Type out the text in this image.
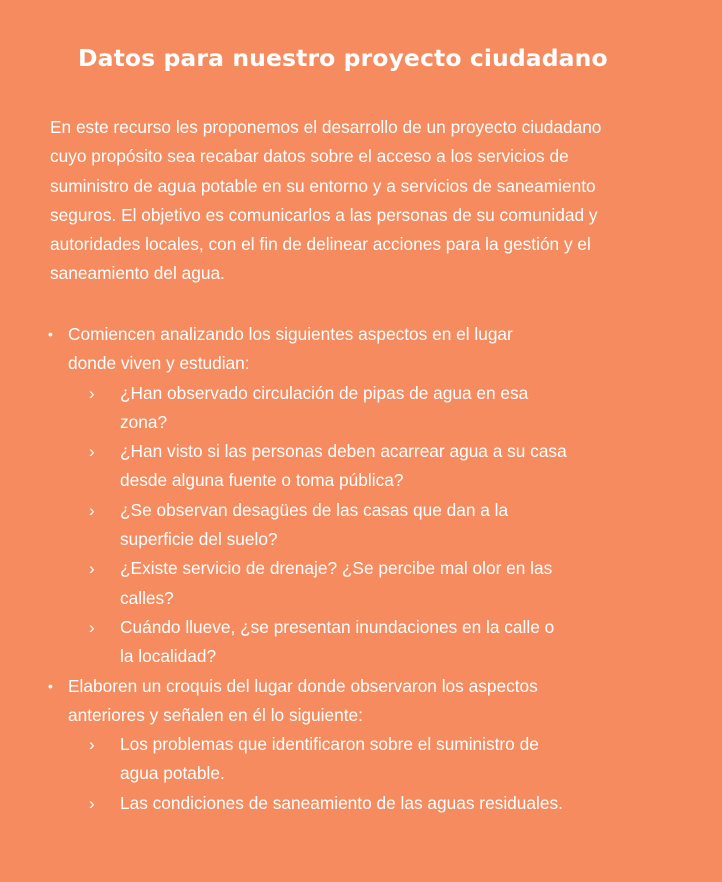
Datos para nuestro proyecto ciudadano

En este recurso les proponemos el desarrollo de un proyecto ciudadano
cuyo propósito sea recabar datos sobre el acceso a los servicios de
suministro de agua potable en su entorno y a servicios de saneamiento
seguros. El objetivo es comunicarlos a las personas de su comunidad y
autoridades locales, con el fin de delinear acciones para la gestión y el
saneamiento del agua.

• Comiencen analizando los siguientes aspectos en el lugar
donde viven y estudian:
› ¿Han observado circulación de pipas de agua en esa
zona?
› ¿Han visto si las personas deben acarrear agua a su casa
desde alguna fuente o toma pública?
› ¿Se observan desagües de las casas que dan a la
superficie del suelo?
› ¿Existe servicio de drenaje? ¿Se percibe mal olor en las
calles?
› Cuándo llueve, ¿se presentan inundaciones en la calle o
la localidad?
• Elaboren un croquis del lugar donde observaron los aspectos
anteriores y señalen en él lo siguiente:
› Los problemas que identificaron sobre el suministro de
agua potable.
› Las condiciones de saneamiento de las aguas residuales.
